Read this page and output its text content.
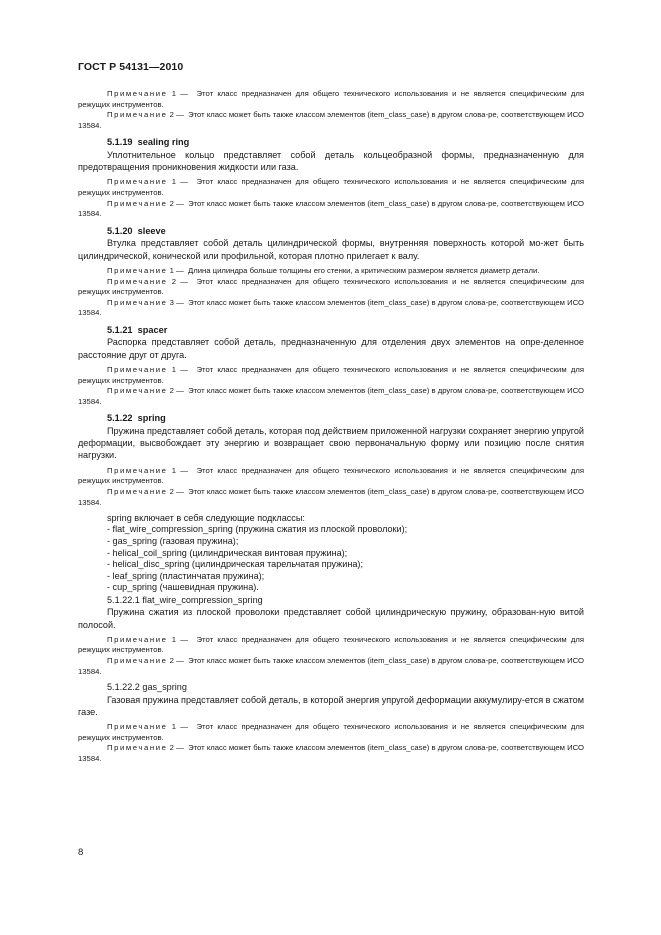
ГОСТ Р 54131—2010

Примечание 1 —  Этот класс предназначен для общего технического использования и не является специфическим для режущих инструментов.

Примечание 2 —  Этот класс может быть также классом элементов (item_class_case) в другом слова-ре, соответствующем ИСО 13584.

5.1.19 sealing ring

Уплотнительное кольцо представляет собой деталь кольцеобразной формы, предназначенную для предотвращения проникновения жидкости или газа.

Примечание 1 —  Этот класс предназначен для общего технического использования и не является специфическим для режущих инструментов.

Примечание 2 —  Этот класс может быть также классом элементов (item_class_case) в другом слова-ре, соответствующем ИСО 13584.

5.1.20 sleeve

Втулка представляет собой деталь цилиндрической формы, внутренняя поверхность которой мо-жет быть цилиндрической, конической или профильной, которая плотно прилегает к валу.

Примечание 1 —  Длина цилиндра больше толщины его стенки, а критическим размером является диаметр детали.

Примечание 2 —  Этот класс предназначен для общего технического использования и не является специфическим для режущих инструментов.

Примечание 3 —  Этот класс может быть также классом элементов (item_class_case) в другом слова-ре, соответствующем ИСО 13584.

5.1.21 spacer

Распорка представляет собой деталь, предназначенную для отделения двух элементов на опре-деленное расстояние друг от друга.

Примечание 1 —  Этот класс предназначен для общего технического использования и не является специфическим для режущих инструментов.

Примечание 2 —  Этот класс может быть также классом элементов (item_class_case) в другом слова-ре, соответствующем ИСО 13584.

5.1.22 spring

Пружина представляет собой деталь, которая под действием приложенной нагрузки сохраняет энергию упругой деформации, высвобождает эту энергию и возвращает свою первоначальную форму или позицию после снятия нагрузки.

Примечание 1 —  Этот класс предназначен для общего технического использования и не является специфическим для режущих инструментов.

Примечание 2 —  Этот класс может быть также классом элементов (item_class_case) в другом слова-ре, соответствующем ИСО 13584.

spring включает в себя следующие подклассы:

- flat_wire_compression_spring (пружина сжатия из плоской проволоки);
- gas_spring (газовая пружина);
- helical_coil_spring (цилиндрическая винтовая пружина);
- helical_disc_spring (цилиндрическая тарельчатая пружина);
- leaf_spring (пластинчатая пружина);
- cup_spring (чашевидная пружина).

5.1.22.1 flat_wire_compression_spring

Пружина сжатия из плоской проволоки представляет собой цилиндрическую пружину, образован-ную витой полосой.

Примечание 1 —  Этот класс предназначен для общего технического использования и не является специфическим для режущих инструментов.

Примечание 2 —  Этот класс может быть также классом элементов (item_class_case) в другом слова-ре, соответствующем ИСО 13584.

5.1.22.2 gas_spring

Газовая пружина представляет собой деталь, в которой энергия упругой деформации аккумулиру-ется в сжатом газе.

Примечание 1 —  Этот класс предназначен для общего технического использования и не является специфическим для режущих инструментов.

Примечание 2 —  Этот класс может быть также классом элементов (item_class_case) в другом слова-ре, соответствующем ИСО 13584.

8
